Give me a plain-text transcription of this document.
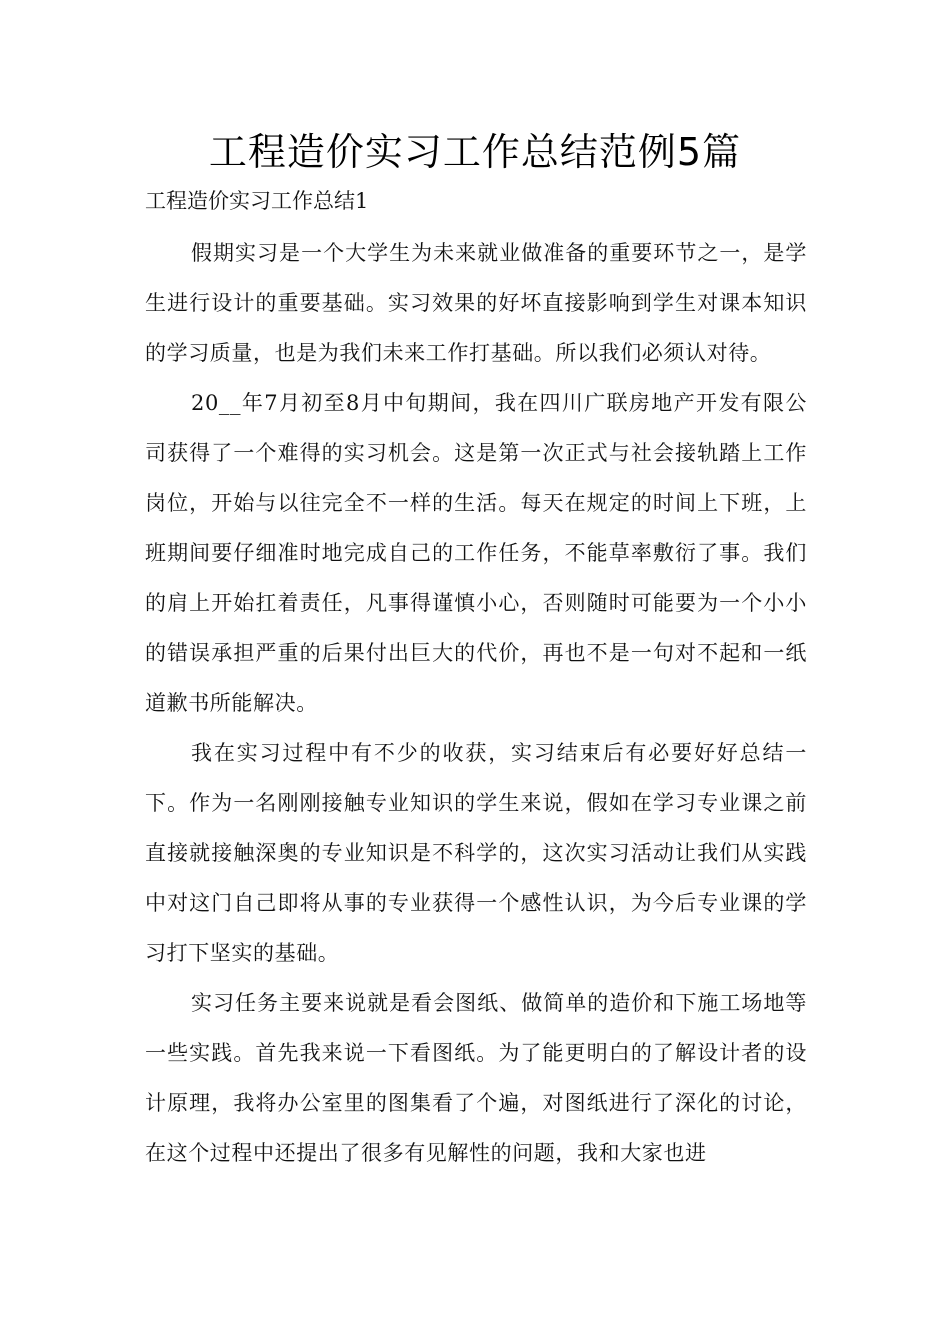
工程造价实习工作总结范例5篇
工程造价实习工作总结1

假期实习是一个大学生为未来就业做准备的重要环节之一，是学生进行设计的重要基础。实习效果的好坏直接影响到学生对课本知识的学习质量，也是为我们未来工作打基础。所以我们必须认对待。

20__年7月初至8月中旬期间，我在四川广联房地产开发有限公司获得了一个难得的实习机会。这是第一次正式与社会接轨踏上工作岗位，开始与以往完全不一样的生活。每天在规定的时间上下班，上班期间要仔细准时地完成自己的工作任务，不能草率敷衍了事。我们的肩上开始扛着责任，凡事得谨慎小心，否则随时可能要为一个小小的错误承担严重的后果付出巨大的代价，再也不是一句对不起和一纸道歉书所能解决。

我在实习过程中有不少的收获，实习结束后有必要好好总结一下。作为一名刚刚接触专业知识的学生来说，假如在学习专业课之前直接就接触深奥的专业知识是不科学的，这次实习活动让我们从实践中对这门自己即将从事的专业获得一个感性认识，为今后专业课的学习打下坚实的基础。

实习任务主要来说就是看会图纸、做简单的造价和下施工场地等一些实践。首先我来说一下看图纸。为了能更明白的了解设计者的设计原理，我将办公室里的图集看了个遍，对图纸进行了深化的讨论，在这个过程中还提出了很多有见解性的问题，我和大家也进
